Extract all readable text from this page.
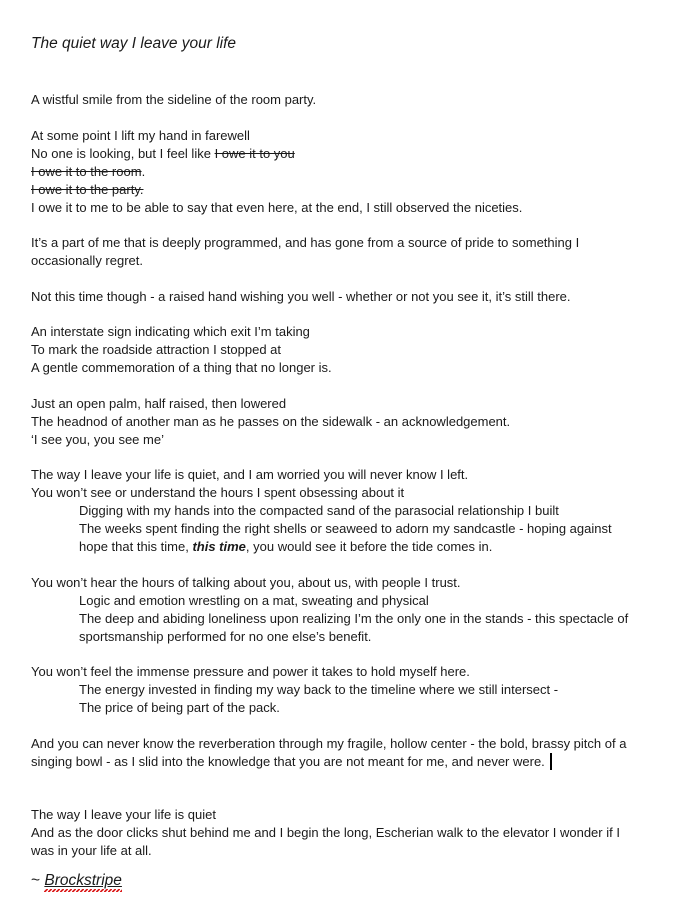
The quiet way I leave your life
A wistful smile from the sideline of the room party.
At some point I lift my hand in farewell
No one is looking, but I feel like I owe it to you
I owe it to the room.
I owe it to the party.
I owe it to me to be able to say that even here, at the end, I still observed the niceties.
It’s a part of me that is deeply programmed, and has gone from a source of pride to something I occasionally regret.
Not this time though - a raised hand wishing you well - whether or not you see it, it’s still there.
An interstate sign indicating which exit I’m taking
To mark the roadside attraction I stopped at
A gentle commemoration of a thing that no longer is.
Just an open palm, half raised, then lowered
The headnod of another man as he passes on the sidewalk - an acknowledgement.
‘I see you, you see me’
The way I leave your life is quiet, and I am worried you will never know I left.
You won’t see or understand the hours I spent obsessing about it
Digging with my hands into the compacted sand of the parasocial relationship I built
The weeks spent finding the right shells or seaweed to adorn my sandcastle - hoping against
hope that this time, this time, you would see it before the tide comes in.
You won’t hear the hours of talking about you, about us, with people I trust.
Logic and emotion wrestling on a mat, sweating and physical
The deep and abiding loneliness upon realizing I’m the only one in the stands - this spectacle of
sportsmanship performed for no one else’s benefit.
You won’t feel the immense pressure and power it takes to hold myself here.
The energy invested in finding my way back to the timeline where we still intersect -
The price of being part of the pack.
And you can never know the reverberation through my fragile, hollow center - the bold, brassy pitch of a
singing bowl - as I slid into the knowledge that you are not meant for me, and never were.
The way I leave your life is quiet
And as the door clicks shut behind me and I begin the long, Escherian walk to the elevator I wonder if I
was in your life at all.
~ Brockstripe
